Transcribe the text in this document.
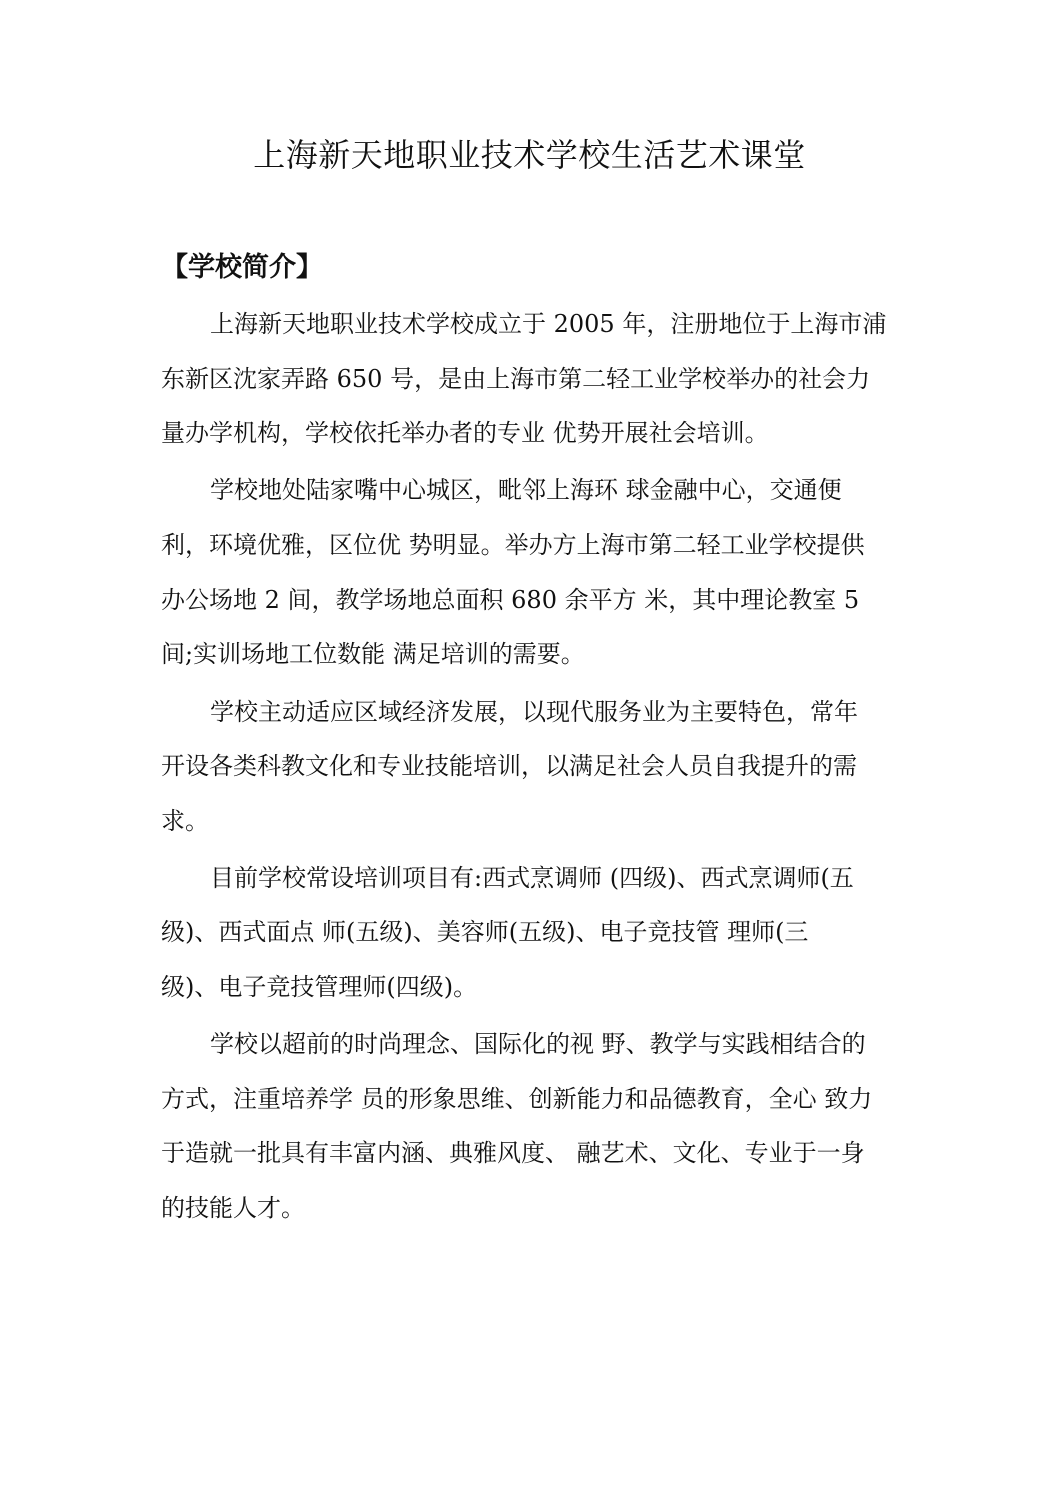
上海新天地职业技术学校生活艺术课堂
【学校简介】
上海新天地职业技术学校成立于 2005 年，注册地位于上海市浦
东新区沈家弄路 650 号，是由上海市第二轻工业学校举办的社会力
量办学机构，学校依托举办者的专业 优势开展社会培训。
学校地处陆家嘴中心城区，毗邻上海环 球金融中心，交通便
利，环境优雅，区位优 势明显。举办方上海市第二轻工业学校提供
办公场地 2 间，教学场地总面积 680 余平方 米，其中理论教室 5
间;实训场地工位数能 满足培训的需要。
学校主动适应区域经济发展，以现代服务业为主要特色，常年
开设各类科教文化和专业技能培训，以满足社会人员自我提升的需
求。
目前学校常设培训项目有:西式烹调师 (四级)、西式烹调师(五
级)、西式面点 师(五级)、美容师(五级)、电子竞技管 理师(三
级)、电子竞技管理师(四级)。
学校以超前的时尚理念、国际化的视 野、教学与实践相结合的
方式，注重培养学 员的形象思维、创新能力和品德教育，全心 致力
于造就一批具有丰富内涵、典雅风度、 融艺术、文化、专业于一身
的技能人才。
